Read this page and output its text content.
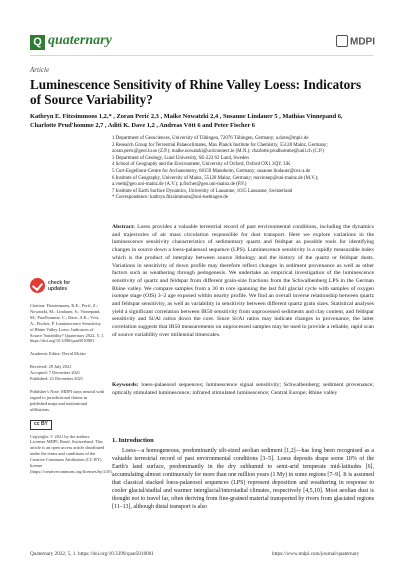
Q quaternary	MDPI
Article
Luminescence Sensitivity of Rhine Valley Loess: Indicators of Source Variability?
Kathryn E. Fitzsimmons 1,2,* , Zoran Perić 2,3 , Maike Nowatzki 2,4 , Susanne Lindauer 5 , Mathias Vinnepand 6,
Charlotte Prud'homme 2,7 , Aditi K. Dave 1,2 , Andreas Vött 6 and Peter Fischer 6
1 Department of Geosciences, University of Tübingen, 72076 Tübingen, Germany; a.dave@mpic.de
2 Research Group for Terrestrial Palaeoclimates, Max Planck Institute for Chemistry, 55128 Mainz, Germany;
zoran.peric@geol.lu.se (Z.P.); maike.nowatzki@ucdconnect.ie (M.N.); charlotte.prudhomme@unil.ch (C.P.)
3 Department of Geology, Lund University, SE-223 62 Lund, Sweden
4 School of Geography and the Environment, University of Oxford, Oxford OX1 3QY, UK
5 Curt-Engelhorn-Centre for Archaeometry, 68159 Mannheim, Germany; susanne.lindauer@cez-a.de
6 Institute of Geography, University of Mainz, 55128 Mainz, Germany; mavinnep@uni-mainz.de (M.V.);
a.voett@geo.uni-mainz.de (A.V.); p.fischer@geo.uni-mainz.de (P.F.)
7 Institute of Earth Surface Dynamics, University of Lausanne, 1015 Lausanne, Switzerland
* Correspondence: kathryn.fitzsimmons@uni-tuebingen.de
check for
updates
Citation: Fitzsimmons, K.E.; Perić, Z.; Nowatzki, M.; Lindauer, S.; Vinnepand, M.; Prud'homme, C.; Dave, A.K.; Vött, A.; Fischer, P. Luminescence Sensitivity of Rhine Valley Loess: Indicators of Source Variability? Quaternary 2022, 5, 1. https://doi.org/10.3390/quat5010001
Academic Editor: David Mcfair
Received: 29 July 2021
Accepted: 7 December 2021
Published: 21 December 2021
Publisher's Note: MDPI stays neutral with regard to jurisdictional claims in published maps and institutional affiliations.
cc BY
Copyright: © 2021 by the authors. Licensee MDPI, Basel, Switzerland. This article is an open access article distributed under the terms and conditions of the Creative Commons Attribution (CC BY) license (https://creativecommons.org/licenses/by/4.0/).

Abstract: Loess provides a valuable terrestrial record of past environmental conditions, including the dynamics and trajectories of air mass circulation responsible for dust transport. Here we explore variations in the luminescence sensitivity characteristics of sedimentary quartz and feldspar as possible tools for identifying changes in source down a loess-palaeosol sequence (LPS). Luminescence sensitivity is a rapidly measurable index which is the product of interplay between source lithology and the history of the quartz or feldspar dusts. Variations in sensitivity of down profile may therefore reflect changes in sediment provenance as well as other factors such as weathering through pedogenesis. We undertake an empirical investigation of the luminescence sensitivity of quartz and feldspar from different grain-size fractions from the Schwalbenberg LPS in the German Rhine valley. We compare samples from a 30 m core spanning the last full glacial cycle with samples of oxygen isotope stage (OIS) 3–2 age exposed within nearby profile. We find an overall inverse relationship between quartz and feldspar sensitivity, as well as variability in sensitivity between different quartz grain sizes. Statistical analyses yield a significant correlation between IR50 sensitivity from unprocessed sediments and clay content, and feldspar sensitivity and Si/Al ratios down the core. Since Si/Al ratios may indicate changes in provenance, the latter correlation suggests that IR50 measurements on unprocessed samples may be used to provide a reliable, rapid scan of source variability over millennial timescales.

Keywords: loess-palaeosol sequences; luminescence signal sensitivity; Schwalbenberg; sediment provenance; optically stimulated luminescence; infrared stimulated luminescence; Central Europe; Rhine valley

1. Introduction

Loess—a homogeneous, predominantly silt-sized aeolian sediment [1,2]—has long been recognised as a valuable terrestrial record of past environmental conditions [3–5]. Loess deposits drape some 10% of the Earth's land surface, predominantly in the dry subhumid to semi-arid temperate mid-latitudes [6], accumulating almost continuously for more than one million years (1 My) in some regions [7–9]. It is assumed that classical stacked loess-palaeosol sequences (LPS) represent deposition and weathering in response to cooler glacial/stadial and warmer interglacial/interstadial climates, respectively [4,5,10]. Most aeolian dust is thought not to travel far, often deriving from fine-grained material transported by rivers from glaciated regions [11–13], although distal transport is also

Quaternary 2022, 5, 1. https://doi.org/10.3390/quat5010001	https://www.mdpi.com/journal/quaternary
